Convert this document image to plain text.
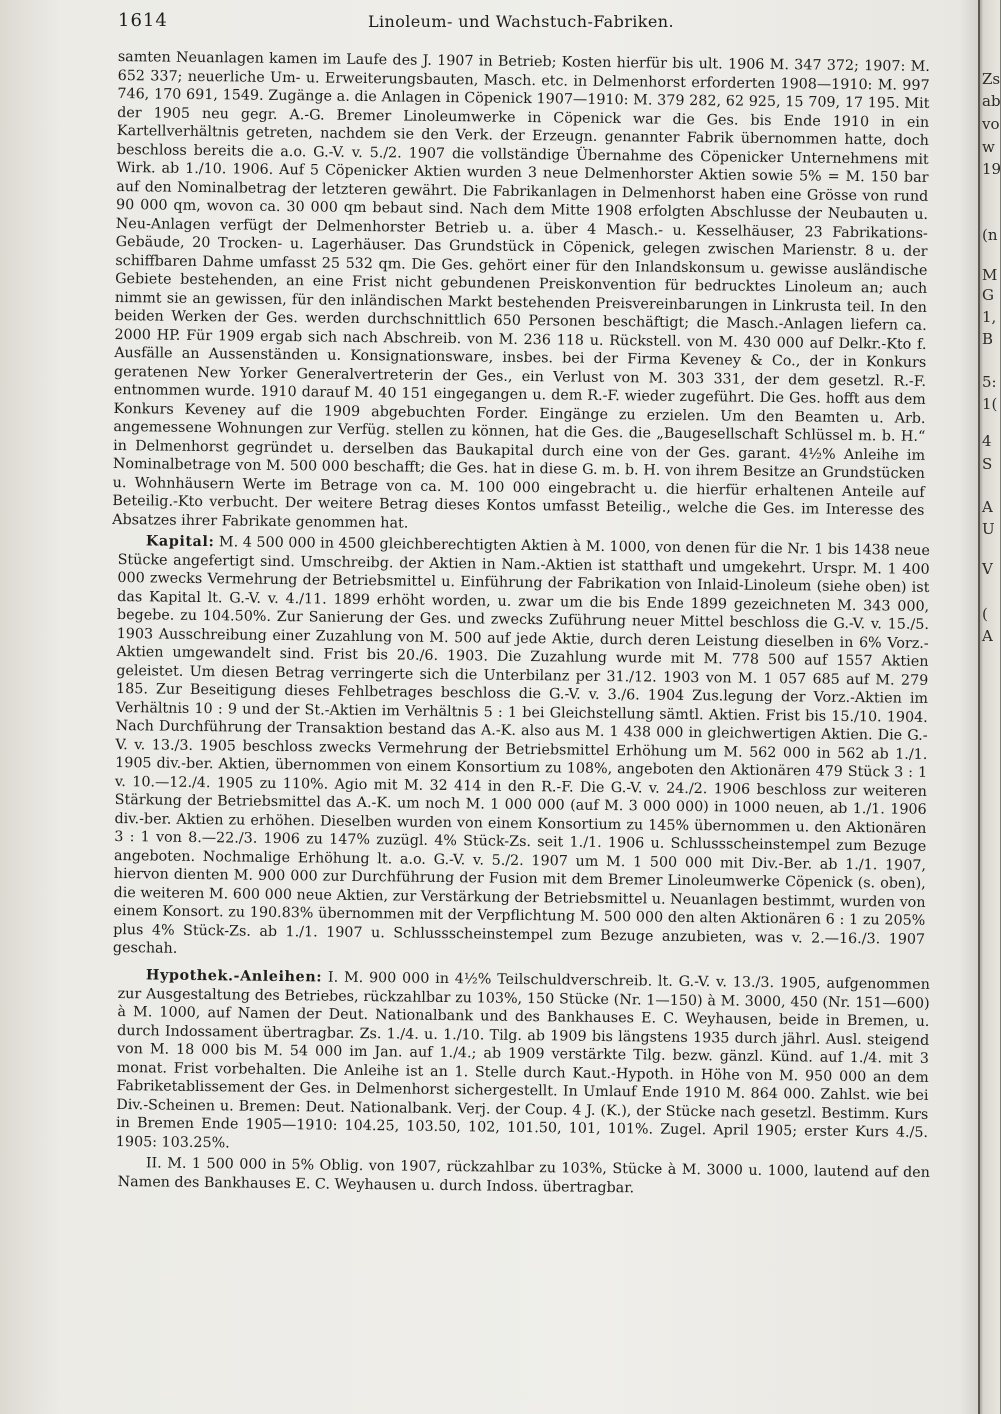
Zs
ab
vo
w
19
(n
M
G
1,
B
5:
1(
4
S
A
U
V
(
A
1614	Linoleum- und Wachstuch-Fabriken.

samten Neuanlagen kamen im Laufe des J. 1907 in Betrieb; Kosten hierfür bis ult. 1906 M. 347 372; 1907: M. 652 337; neuerliche Um- u. Erweiterungsbauten, Masch. etc. in Delmenhorst erforderten 1908—1910: M. 997 746, 170 691, 1549. Zugänge a. die Anlagen in Cöpenick 1907—1910: M. 379 282, 62 925, 15 709, 17 195. Mit der 1905 neu gegr. A.-G. Bremer Linoleumwerke in Cöpenick war die Ges. bis Ende 1910 in ein Kartellverhältnis getreten, nachdem sie den Verk. der Erzeugn. genannter Fabrik übernommen hatte, doch beschloss bereits die a.o. G.-V. v. 5./2. 1907 die vollständige Übernahme des Cöpenicker Unternehmens mit Wirk. ab 1./10. 1906. Auf 5 Cöpenicker Aktien wurden 3 neue Delmenhorster Aktien sowie 5% = M. 150 bar auf den Nominalbetrag der letzteren gewährt. Die Fabrikanlagen in Delmenhorst haben eine Grösse von rund 90 000 qm, wovon ca. 30 000 qm bebaut sind. Nach dem Mitte 1908 erfolgten Abschlusse der Neubauten u. Neu-Anlagen verfügt der Delmenhorster Betrieb u. a. über 4 Masch.- u. Kesselhäuser, 23 Fabrikations-Gebäude, 20 Trocken- u. Lagerhäuser. Das Grundstück in Cöpenick, gelegen zwischen Marienstr. 8 u. der schiffbaren Dahme umfasst 25 532 qm. Die Ges. gehört einer für den Inlandskonsum u. gewisse ausländische Gebiete bestehenden, an eine Frist nicht gebundenen Preiskonvention für bedrucktes Linoleum an; auch nimmt sie an gewissen, für den inländischen Markt bestehenden Preisvereinbarungen in Linkrusta teil. In den beiden Werken der Ges. werden durchschnittlich 650 Personen beschäftigt; die Masch.-Anlagen liefern ca. 2000 HP. Für 1909 ergab sich nach Abschreib. von M. 236 118 u. Rückstell. von M. 430 000 auf Delkr.-Kto f. Ausfälle an Aussenständen u. Konsignationsware, insbes. bei der Firma Keveney & Co., der in Konkurs geratenen New Yorker Generalvertreterin der Ges., ein Verlust von M. 303 331, der dem gesetzl. R.-F. entnommen wurde. 1910 darauf M. 40 151 eingegangen u. dem R.-F. wieder zugeführt. Die Ges. hofft aus dem Konkurs Keveney auf die 1909 abgebuchten Forder. Eingänge zu erzielen. Um den Beamten u. Arb. angemessene Wohnungen zur Verfüg. stellen zu können, hat die Ges. die „Baugesellschaft Schlüssel m. b. H.“ in Delmenhorst gegründet u. derselben das Baukapital durch eine von der Ges. garant. 4½% Anleihe im Nominalbetrage von M. 500 000 beschafft; die Ges. hat in diese G. m. b. H. von ihrem Besitze an Grundstücken u. Wohnhäusern Werte im Betrage von ca. M. 100 000 eingebracht u. die hierfür erhaltenen Anteile auf Beteilig.-Kto verbucht. Der weitere Betrag dieses Kontos umfasst Beteilig., welche die Ges. im Interesse des Absatzes ihrer Fabrikate genommen hat.

Kapital: M. 4 500 000 in 4500 gleichberechtigten Aktien à M. 1000, von denen für die Nr. 1 bis 1438 neue Stücke angefertigt sind. Umschreibg. der Aktien in Nam.-Aktien ist statthaft und umgekehrt. Urspr. M. 1 400 000 zwecks Vermehrung der Betriebsmittel u. Einführung der Fabrikation von Inlaid-Linoleum (siehe oben) ist das Kapital lt. G.-V. v. 4./11. 1899 erhöht worden, u. zwar um die bis Ende 1899 gezeichneten M. 343 000, begebe. zu 104.50%. Zur Sanierung der Ges. und zwecks Zuführung neuer Mittel beschloss die G.-V. v. 15./5. 1903 Ausschreibung einer Zuzahlung von M. 500 auf jede Aktie, durch deren Leistung dieselben in 6% Vorz.-Aktien umgewandelt sind. Frist bis 20./6. 1903. Die Zuzahlung wurde mit M. 778 500 auf 1557 Aktien geleistet. Um diesen Betrag verringerte sich die Unterbilanz per 31./12. 1903 von M. 1 057 685 auf M. 279 185. Zur Beseitigung dieses Fehlbetrages beschloss die G.-V. v. 3./6. 1904 Zus.legung der Vorz.-Aktien im Verhältnis 10 : 9 und der St.-Aktien im Verhältnis 5 : 1 bei Gleichstellung sämtl. Aktien. Frist bis 15./10. 1904. Nach Durchführung der Transaktion bestand das A.-K. also aus M. 1 438 000 in gleichwertigen Aktien. Die G.-V. v. 13./3. 1905 beschloss zwecks Vermehrung der Betriebsmittel Erhöhung um M. 562 000 in 562 ab 1./1. 1905 div.-ber. Aktien, übernommen von einem Konsortium zu 108%, angeboten den Aktionären 479 Stück 3 : 1 v. 10.—12./4. 1905 zu 110%. Agio mit M. 32 414 in den R.-F. Die G.-V. v. 24./2. 1906 beschloss zur weiteren Stärkung der Betriebsmittel das A.-K. um noch M. 1 000 000 (auf M. 3 000 000) in 1000 neuen, ab 1./1. 1906 div.-ber. Aktien zu erhöhen. Dieselben wurden von einem Konsortium zu 145% übernommen u. den Aktionären 3 : 1 von 8.—22./3. 1906 zu 147% zuzügl. 4% Stück-Zs. seit 1./1. 1906 u. Schlussscheinstempel zum Bezuge angeboten. Nochmalige Erhöhung lt. a.o. G.-V. v. 5./2. 1907 um M. 1 500 000 mit Div.-Ber. ab 1./1. 1907, hiervon dienten M. 900 000 zur Durchführung der Fusion mit dem Bremer Linoleumwerke Cöpenick (s. oben), die weiteren M. 600 000 neue Aktien, zur Verstärkung der Betriebsmittel u. Neuanlagen bestimmt, wurden von einem Konsort. zu 190.83% übernommen mit der Verpflichtung M. 500 000 den alten Aktionären 6 : 1 zu 205% plus 4% Stück-Zs. ab 1./1. 1907 u. Schlussscheinstempel zum Bezuge anzubieten, was v. 2.—16./3. 1907 geschah.

Hypothek.-Anleihen: I. M. 900 000 in 4½% Teilschuldverschreib. lt. G.-V. v. 13./3. 1905, aufgenommen zur Ausgestaltung des Betriebes, rückzahlbar zu 103%, 150 Stücke (Nr. 1—150) à M. 3000, 450 (Nr. 151—600) à M. 1000, auf Namen der Deut. Nationalbank und des Bankhauses E. C. Weyhausen, beide in Bremen, u. durch Indossament übertragbar. Zs. 1./4. u. 1./10. Tilg. ab 1909 bis längstens 1935 durch jährl. Ausl. steigend von M. 18 000 bis M. 54 000 im Jan. auf 1./4.; ab 1909 verstärkte Tilg. bezw. gänzl. Künd. auf 1./4. mit 3 monat. Frist vorbehalten. Die Anleihe ist an 1. Stelle durch Kaut.-Hypoth. in Höhe von M. 950 000 an dem Fabriketablissement der Ges. in Delmenhorst sichergestellt. In Umlauf Ende 1910 M. 864 000. Zahlst. wie bei Div.-Scheinen u. Bremen: Deut. Nationalbank. Verj. der Coup. 4 J. (K.), der Stücke nach gesetzl. Bestimm. Kurs in Bremen Ende 1905—1910: 104.25, 103.50, 102, 101.50, 101, 101%. Zugel. April 1905; erster Kurs 4./5. 1905: 103.25%.

II. M. 1 500 000 in 5% Oblig. von 1907, rückzahlbar zu 103%, Stücke à M. 3000 u. 1000, lautend auf den Namen des Bankhauses E. C. Weyhausen u. durch Indoss. übertragbar.
